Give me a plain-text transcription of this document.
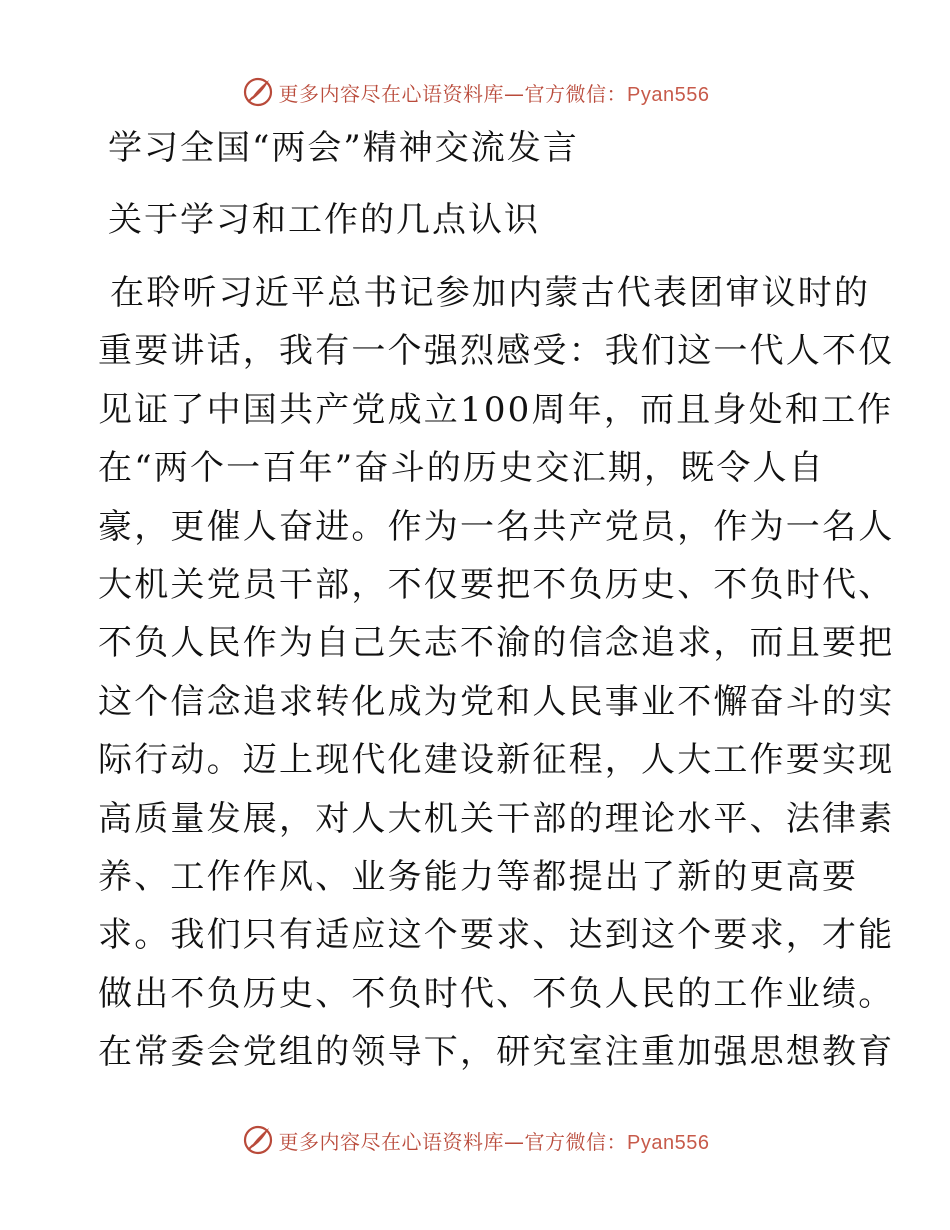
更多内容尽在心语资料库—官方微信：Pyan556
学习全国“两会”精神交流发言
关于学习和工作的几点认识
在聆听习近平总书记参加内蒙古代表团审议时的
重要讲话，我有一个强烈感受：我们这一代人不仅
见证了中国共产党成立100周年，而且身处和工作
在“两个一百年”奋斗的历史交汇期，既令人自
豪，更催人奋进。作为一名共产党员，作为一名人
大机关党员干部，不仅要把不负历史、不负时代、
不负人民作为自己矢志不渝的信念追求，而且要把
这个信念追求转化成为党和人民事业不懈奋斗的实
际行动。迈上现代化建设新征程，人大工作要实现
高质量发展，对人大机关干部的理论水平、法律素
养、工作作风、业务能力等都提出了新的更高要
求。我们只有适应这个要求、达到这个要求，才能
做出不负历史、不负时代、不负人民的工作业绩。
在常委会党组的领导下，研究室注重加强思想教育
更多内容尽在心语资料库—官方微信：Pyan556
